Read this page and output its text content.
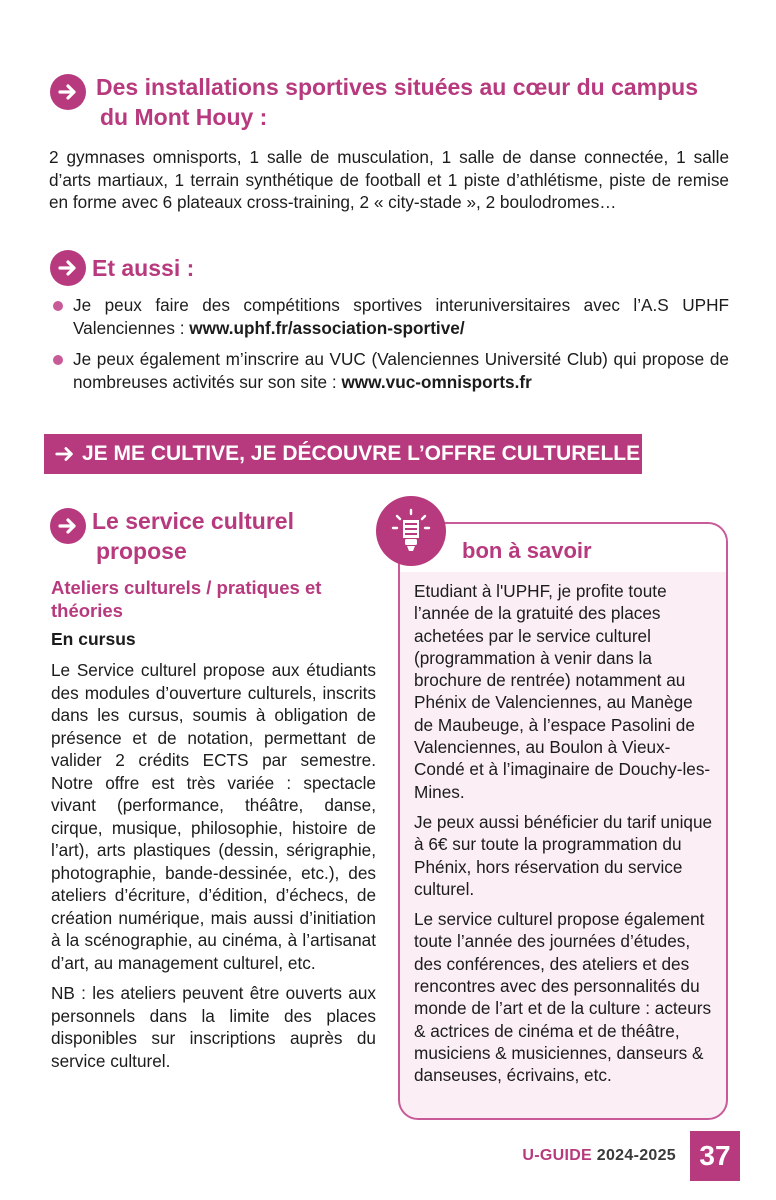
Des installations sportives situées au cœur du campus
du Mont Houy :

2 gymnases omnisports, 1 salle de musculation, 1 salle de danse connectée, 1 salle d’arts martiaux, 1 terrain synthétique de football et 1 piste d’athlétisme, piste de remise en forme avec 6 plateaux cross-training, 2 « city-stade », 2 boulodromes…

Et aussi :
Je peux faire des compétitions sportives interuniversitaires avec l’A.S UPHF Valenciennes : www.uphf.fr/association-sportive/
Je peux également m’inscrire au VUC (Valenciennes Université Club) qui propose de nombreuses activités sur son site : www.vuc-omnisports.fr
JE ME CULTIVE, JE DÉCOUVRE L’OFFRE CULTURELLE
Le service culturel
propose
Ateliers culturels / pratiques et théories
En cursus

Le Service culturel propose aux étudiants des modules d’ouverture culturels, inscrits dans les cursus, soumis à obligation de présence et de notation, permettant de valider 2 crédits ECTS par semestre. Notre offre est très variée : spectacle vivant (performance, théâtre, danse, cirque, musique, philosophie, histoire de l’art), arts plastiques (dessin, sérigraphie, photographie, bande-dessinée, etc.), des ateliers d’écriture, d’édition, d’échecs, de création numérique, mais aussi d’initiation à la scénographie, au cinéma, à l’artisanat d’art, au management culturel, etc.

NB : les ateliers peuvent être ouverts aux personnels dans la limite des places disponibles sur inscriptions auprès du service culturel.

bon à savoir

Etudiant à l'UPHF, je profite toute l’année de la gratuité des places achetées par le service culturel (programmation à venir dans la brochure de rentrée) notamment au Phénix de Valenciennes, au Manège de Maubeuge, à l’espace Pasolini de Valenciennes, au Boulon à Vieux-Condé et à l’imaginaire de Douchy-les-Mines.

Je peux aussi bénéficier du tarif unique à 6€ sur toute la programmation du Phénix, hors réservation du service culturel.

Le service culturel propose également toute l’année des journées d’études, des conférences, des ateliers et des rencontres avec des personnalités du monde de l’art et de la culture : acteurs & actrices de cinéma et de théâtre, musiciens & musiciennes, danseurs & danseuses, écrivains, etc.

U-GUIDE 2024-2025 37
